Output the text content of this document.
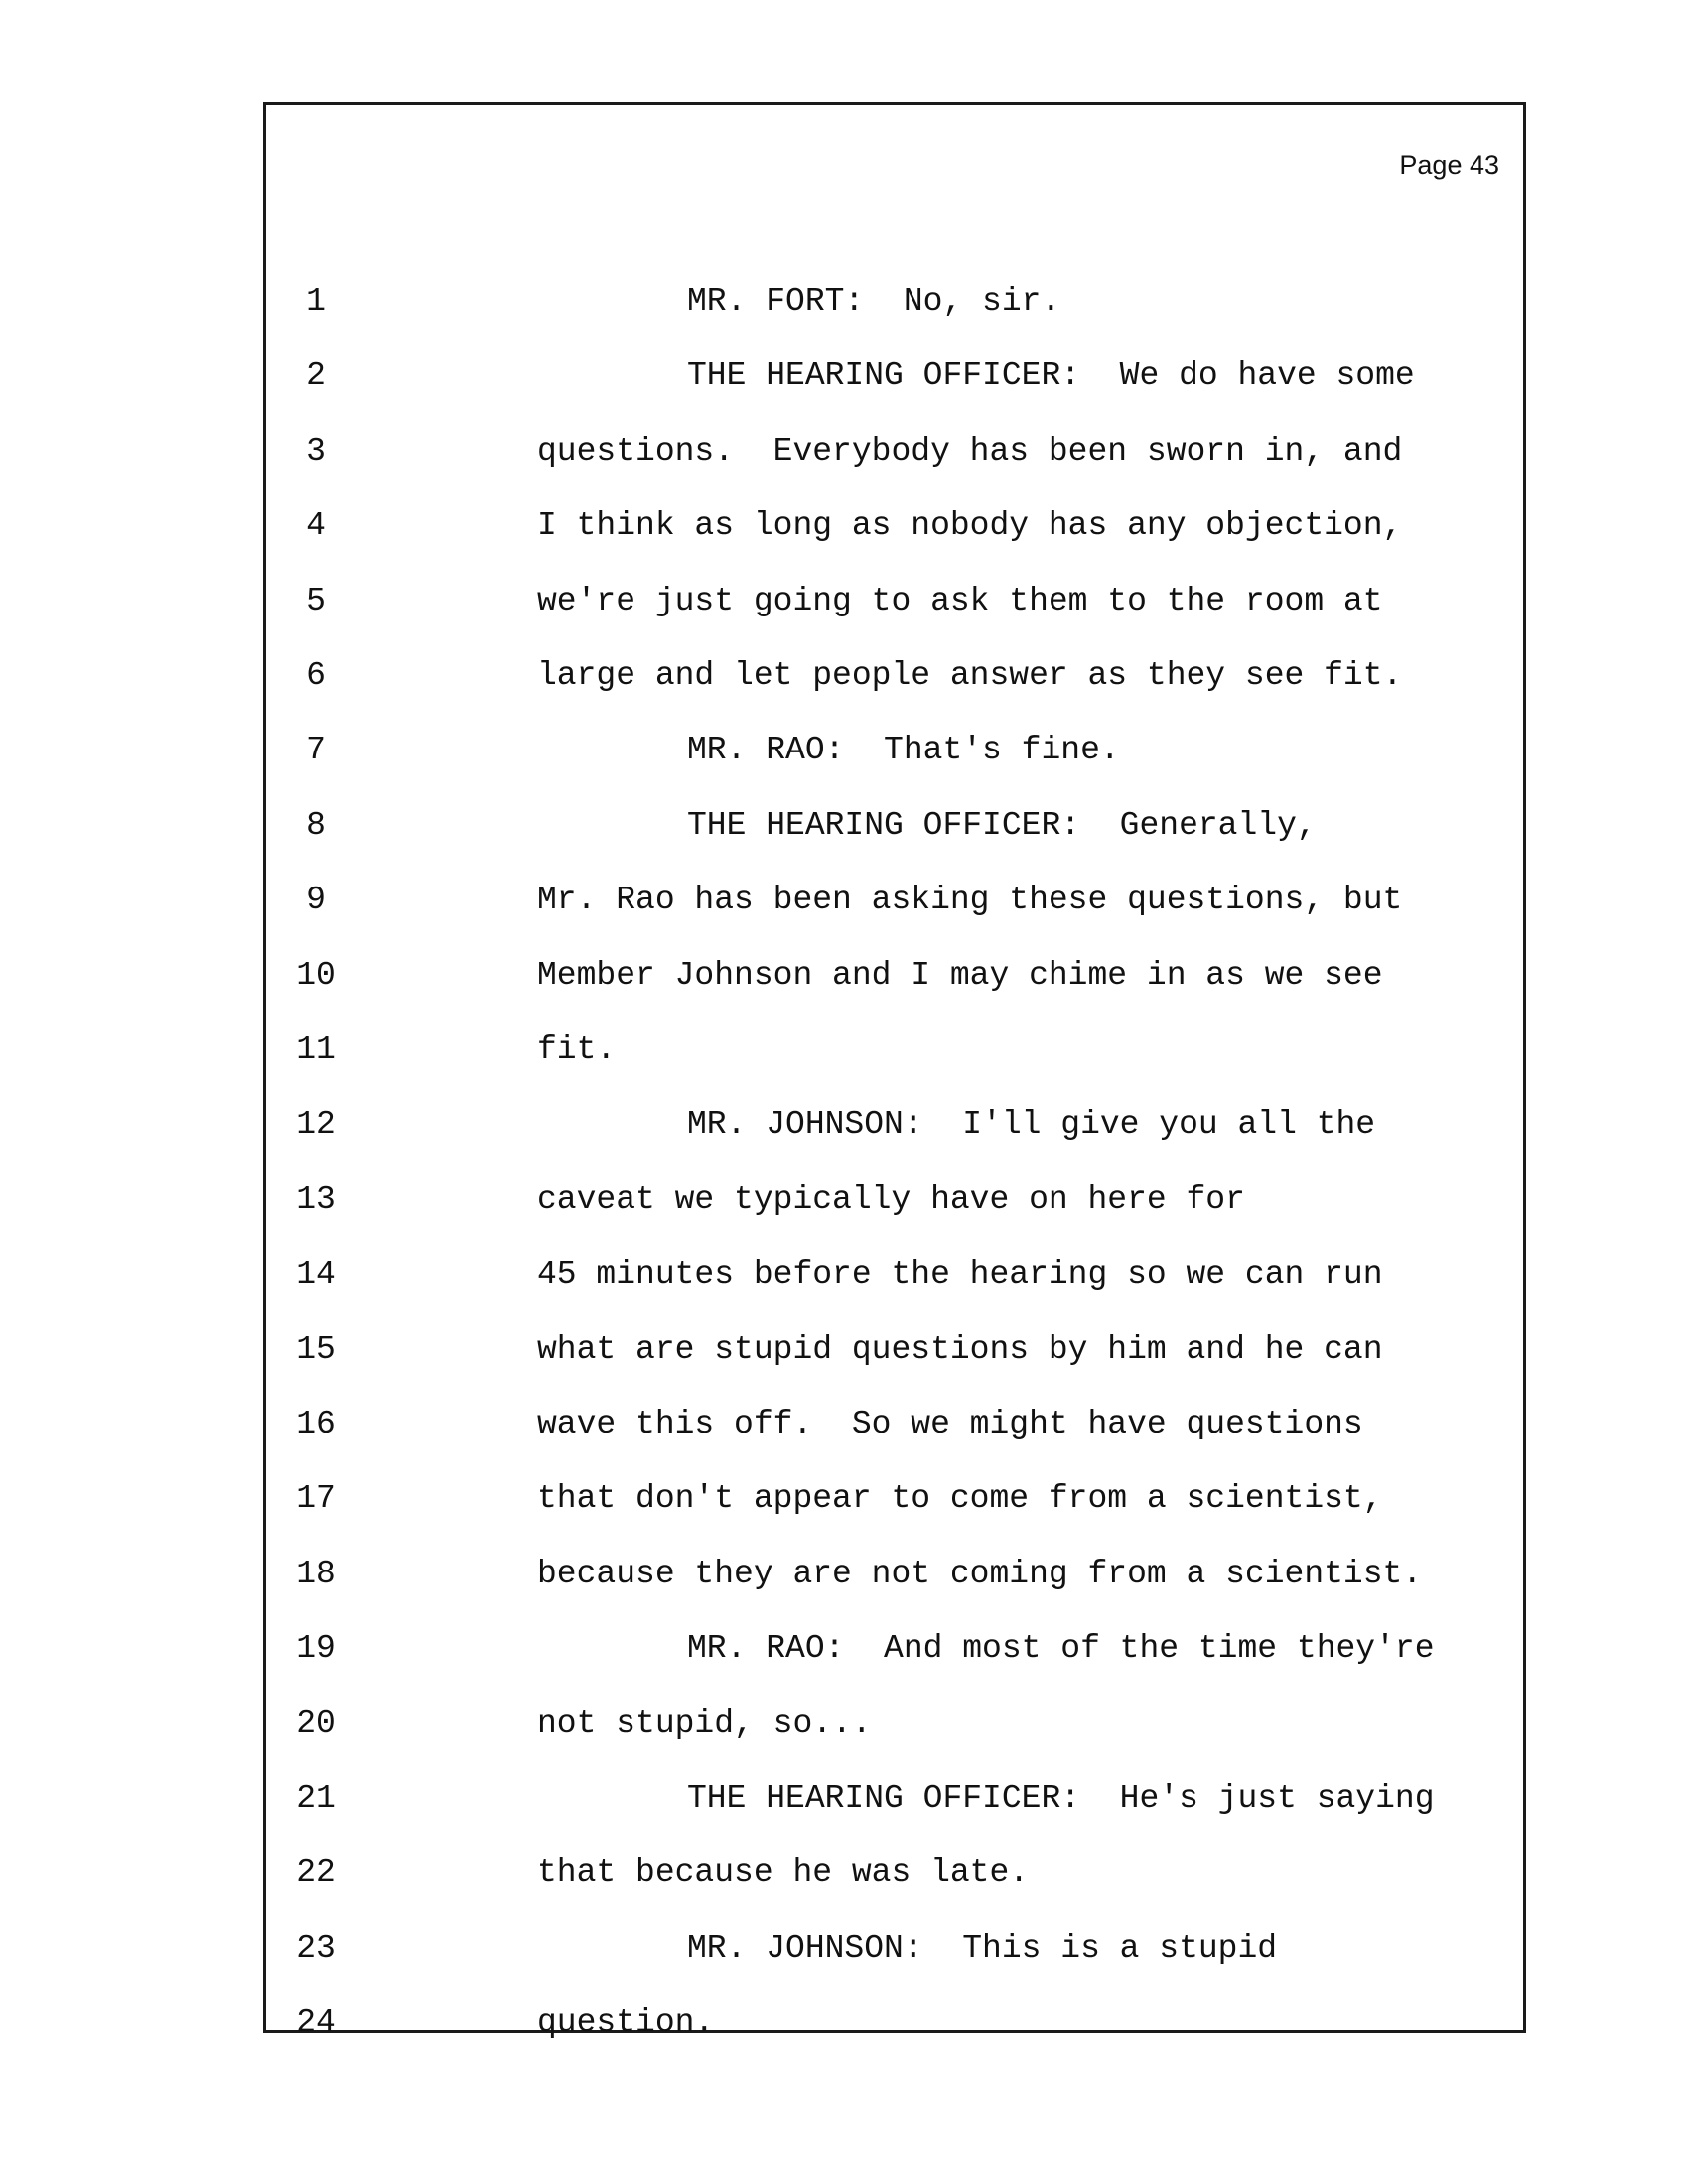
Page 43
1	MR. FORT:  No, sir.
2	THE HEARING OFFICER:  We do have some
3	questions.  Everybody has been sworn in, and
4	I think as long as nobody has any objection,
5	we're just going to ask them to the room at
6	large and let people answer as they see fit.
7	MR. RAO:  That's fine.
8	THE HEARING OFFICER:  Generally,
9	Mr. Rao has been asking these questions, but
10	Member Johnson and I may chime in as we see
11	fit.
12	MR. JOHNSON:  I'll give you all the
13	caveat we typically have on here for
14	45 minutes before the hearing so we can run
15	what are stupid questions by him and he can
16	wave this off.  So we might have questions
17	that don't appear to come from a scientist,
18	because they are not coming from a scientist.
19	MR. RAO:  And most of the time they're
20	not stupid, so...
21	THE HEARING OFFICER:  He's just saying
22	that because he was late.
23	MR. JOHNSON:  This is a stupid
24	question.
